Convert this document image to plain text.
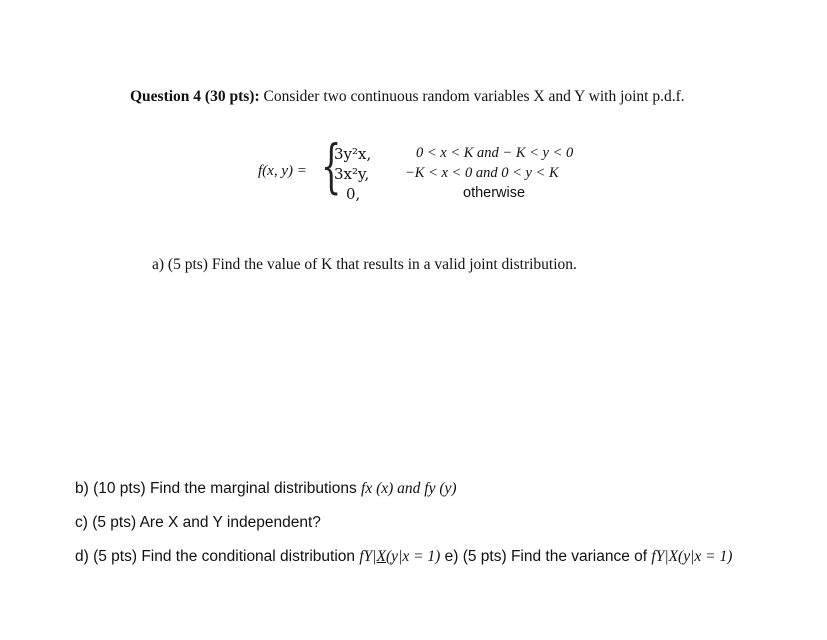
Question 4 (30 pts): Consider two continuous random variables X and Y with joint p.d.f.
f(x, y) = {
3y²x,
3x²y,
0,
0 < x < K and − K < y < 0
−K < x < 0 and 0 < y < K
otherwise
a) (5 pts) Find the value of K that results in a valid joint distribution.
b) (10 pts) Find the marginal distributions fx (x) and fy (y)
c) (5 pts) Are X and Y independent?
d) (5 pts) Find the conditional distribution fY|X(y|x = 1) e) (5 pts) Find the variance of fY|X(y|x = 1)
